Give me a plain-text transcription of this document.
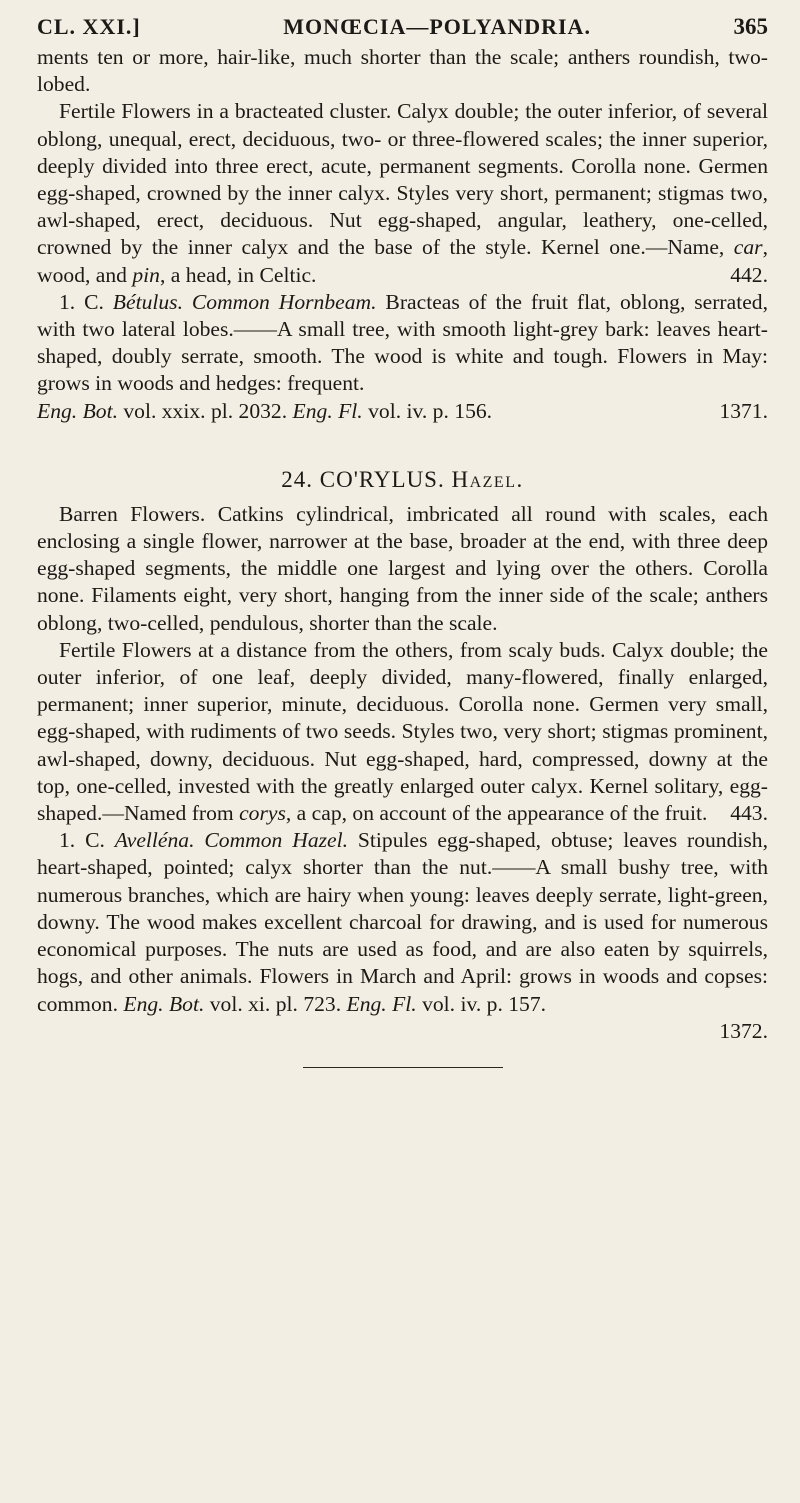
CL. XXI.]	MONŒCIA—POLYANDRIA.	365

ments ten or more, hair-like, much shorter than the scale; anthers roundish, two-lobed.

Fertile Flowers in a bracteated cluster. Calyx double; the outer inferior, of several oblong, unequal, erect, deciduous, two- or three-flowered scales; the inner superior, deeply divided into three erect, acute, permanent segments. Corolla none. Germen egg-shaped, crowned by the inner calyx. Styles very short, permanent; stigmas two, awl-shaped, erect, deciduous. Nut egg-shaped, angular, leathery, one-celled, crowned by the inner calyx and the base of the style. Kernel one.—Name, car, wood, and pin, a head, in Celtic.	442.

1. C. Bétulus. Common Hornbeam. Bracteas of the fruit flat, oblong, serrated, with two lateral lobes.——A small tree, with smooth light-grey bark: leaves heart-shaped, doubly serrate, smooth. The wood is white and tough. Flowers in May: grows in woods and hedges: frequent.

Eng. Bot. vol. xxix. pl. 2032. Eng. Fl. vol. iv. p. 156.	1371.
24. CO'RYLUS. Hazel.

Barren Flowers. Catkins cylindrical, imbricated all round with scales, each enclosing a single flower, narrower at the base, broader at the end, with three deep egg-shaped segments, the middle one largest and lying over the others. Corolla none. Filaments eight, very short, hanging from the inner side of the scale; anthers oblong, two-celled, pendulous, shorter than the scale.

Fertile Flowers at a distance from the others, from scaly buds. Calyx double; the outer inferior, of one leaf, deeply divided, many-flowered, finally enlarged, permanent; inner superior, minute, deciduous. Corolla none. Germen very small, egg-shaped, with rudiments of two seeds. Styles two, very short; stigmas prominent, awl-shaped, downy, deciduous. Nut egg-shaped, hard, compressed, downy at the top, one-celled, invested with the greatly enlarged outer calyx. Kernel solitary, egg-shaped.—Named from corys, a cap, on account of the appearance of the fruit.	443.

1. C. Avelléna. Common Hazel. Stipules egg-shaped, obtuse; leaves roundish, heart-shaped, pointed; calyx shorter than the nut.——A small bushy tree, with numerous branches, which are hairy when young: leaves deeply serrate, light-green, downy. The wood makes excellent charcoal for drawing, and is used for numerous economical purposes. The nuts are used as food, and are also eaten by squirrels, hogs, and other animals. Flowers in March and April: grows in woods and copses: common. Eng. Bot. vol. xi. pl. 723. Eng. Fl. vol. iv. p. 157.

1372.
